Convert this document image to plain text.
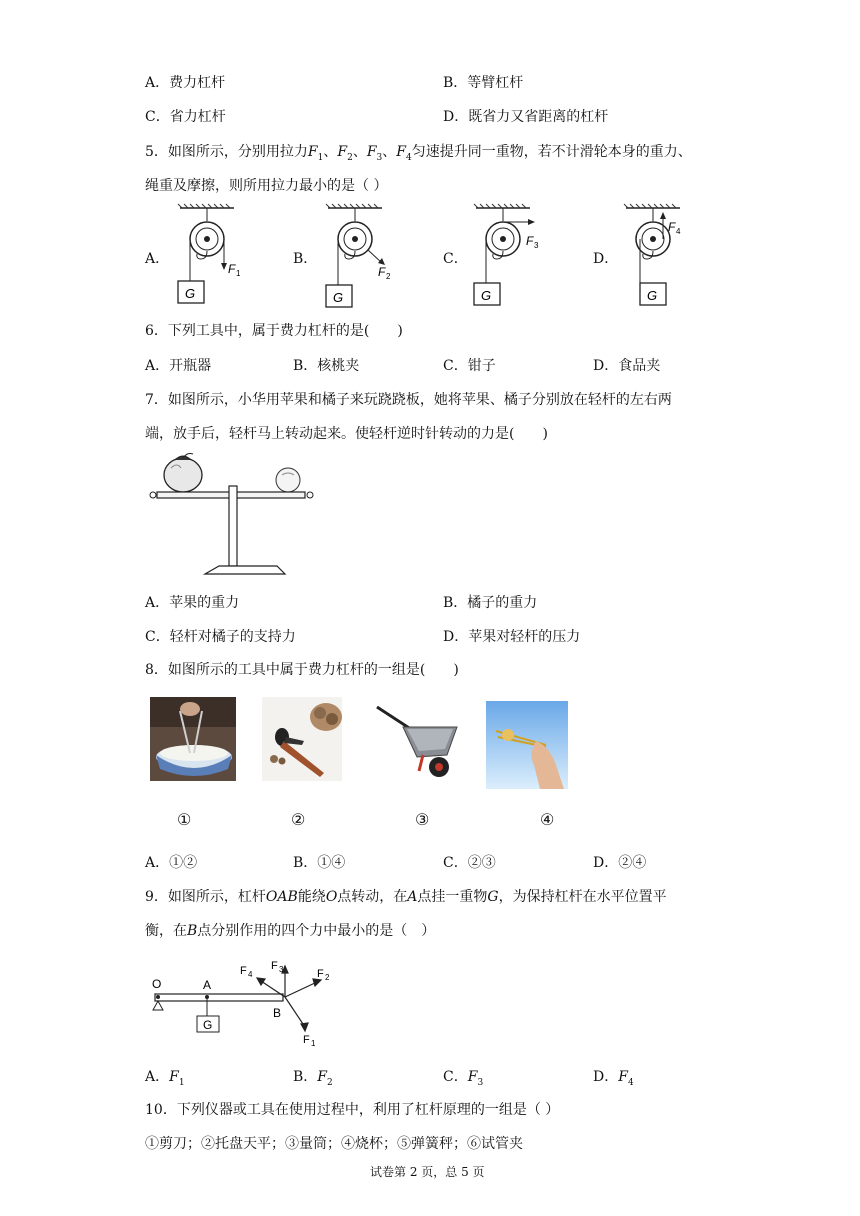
A．费力杠杆	B．等臂杠杆
C．省力杠杆	D．既省力又省距离的杠杆
5．如图所示，分别用拉力$F_1$、$F_2$、$F_3$、$F_4$匀速提升同一重物，若不计滑轮本身的重力、
绳重及摩擦，则所用拉力最小的是（ ）
A．	B．	C．	D．
G
F 1
G
F 2
G
F 3
G
F 4
6．下列工具中，属于费力杠杆的是(　　)
A．开瓶器	B．核桃夹	C．钳子	D．食品夹
7．如图所示，小华用苹果和橘子来玩跷跷板，她将苹果、橘子分别放在轻杆的左右两
端，放手后，轻杆马上转动起来。使轻杆逆时针转动的力是(　　)
A．苹果的重力	B．橘子的重力
C．轻杆对橘子的支持力	D．苹果对轻杆的压力
8．如图所示的工具中属于费力杠杆的一组是(　　)
①	②	③	④
A．①②	B．①④	C．②③	D．②④
9．如图所示，杠杆OAB能绕O点转动，在A点挂一重物G，为保持杠杆在水平位置平
衡，在B点分别作用的四个力中最小的是（　）
G
O	A
B
F 1
F 2
F 3
F 4
A．$F_1$	B．$F_2$	C．$F_3$	D．$F_4$
10．下列仪器或工具在使用过程中，利用了杠杆原理的一组是（ ）
①剪刀；②托盘天平；③量筒；④烧杯；⑤弹簧秤；⑥试管夹
试卷第 2 页，总 5 页
